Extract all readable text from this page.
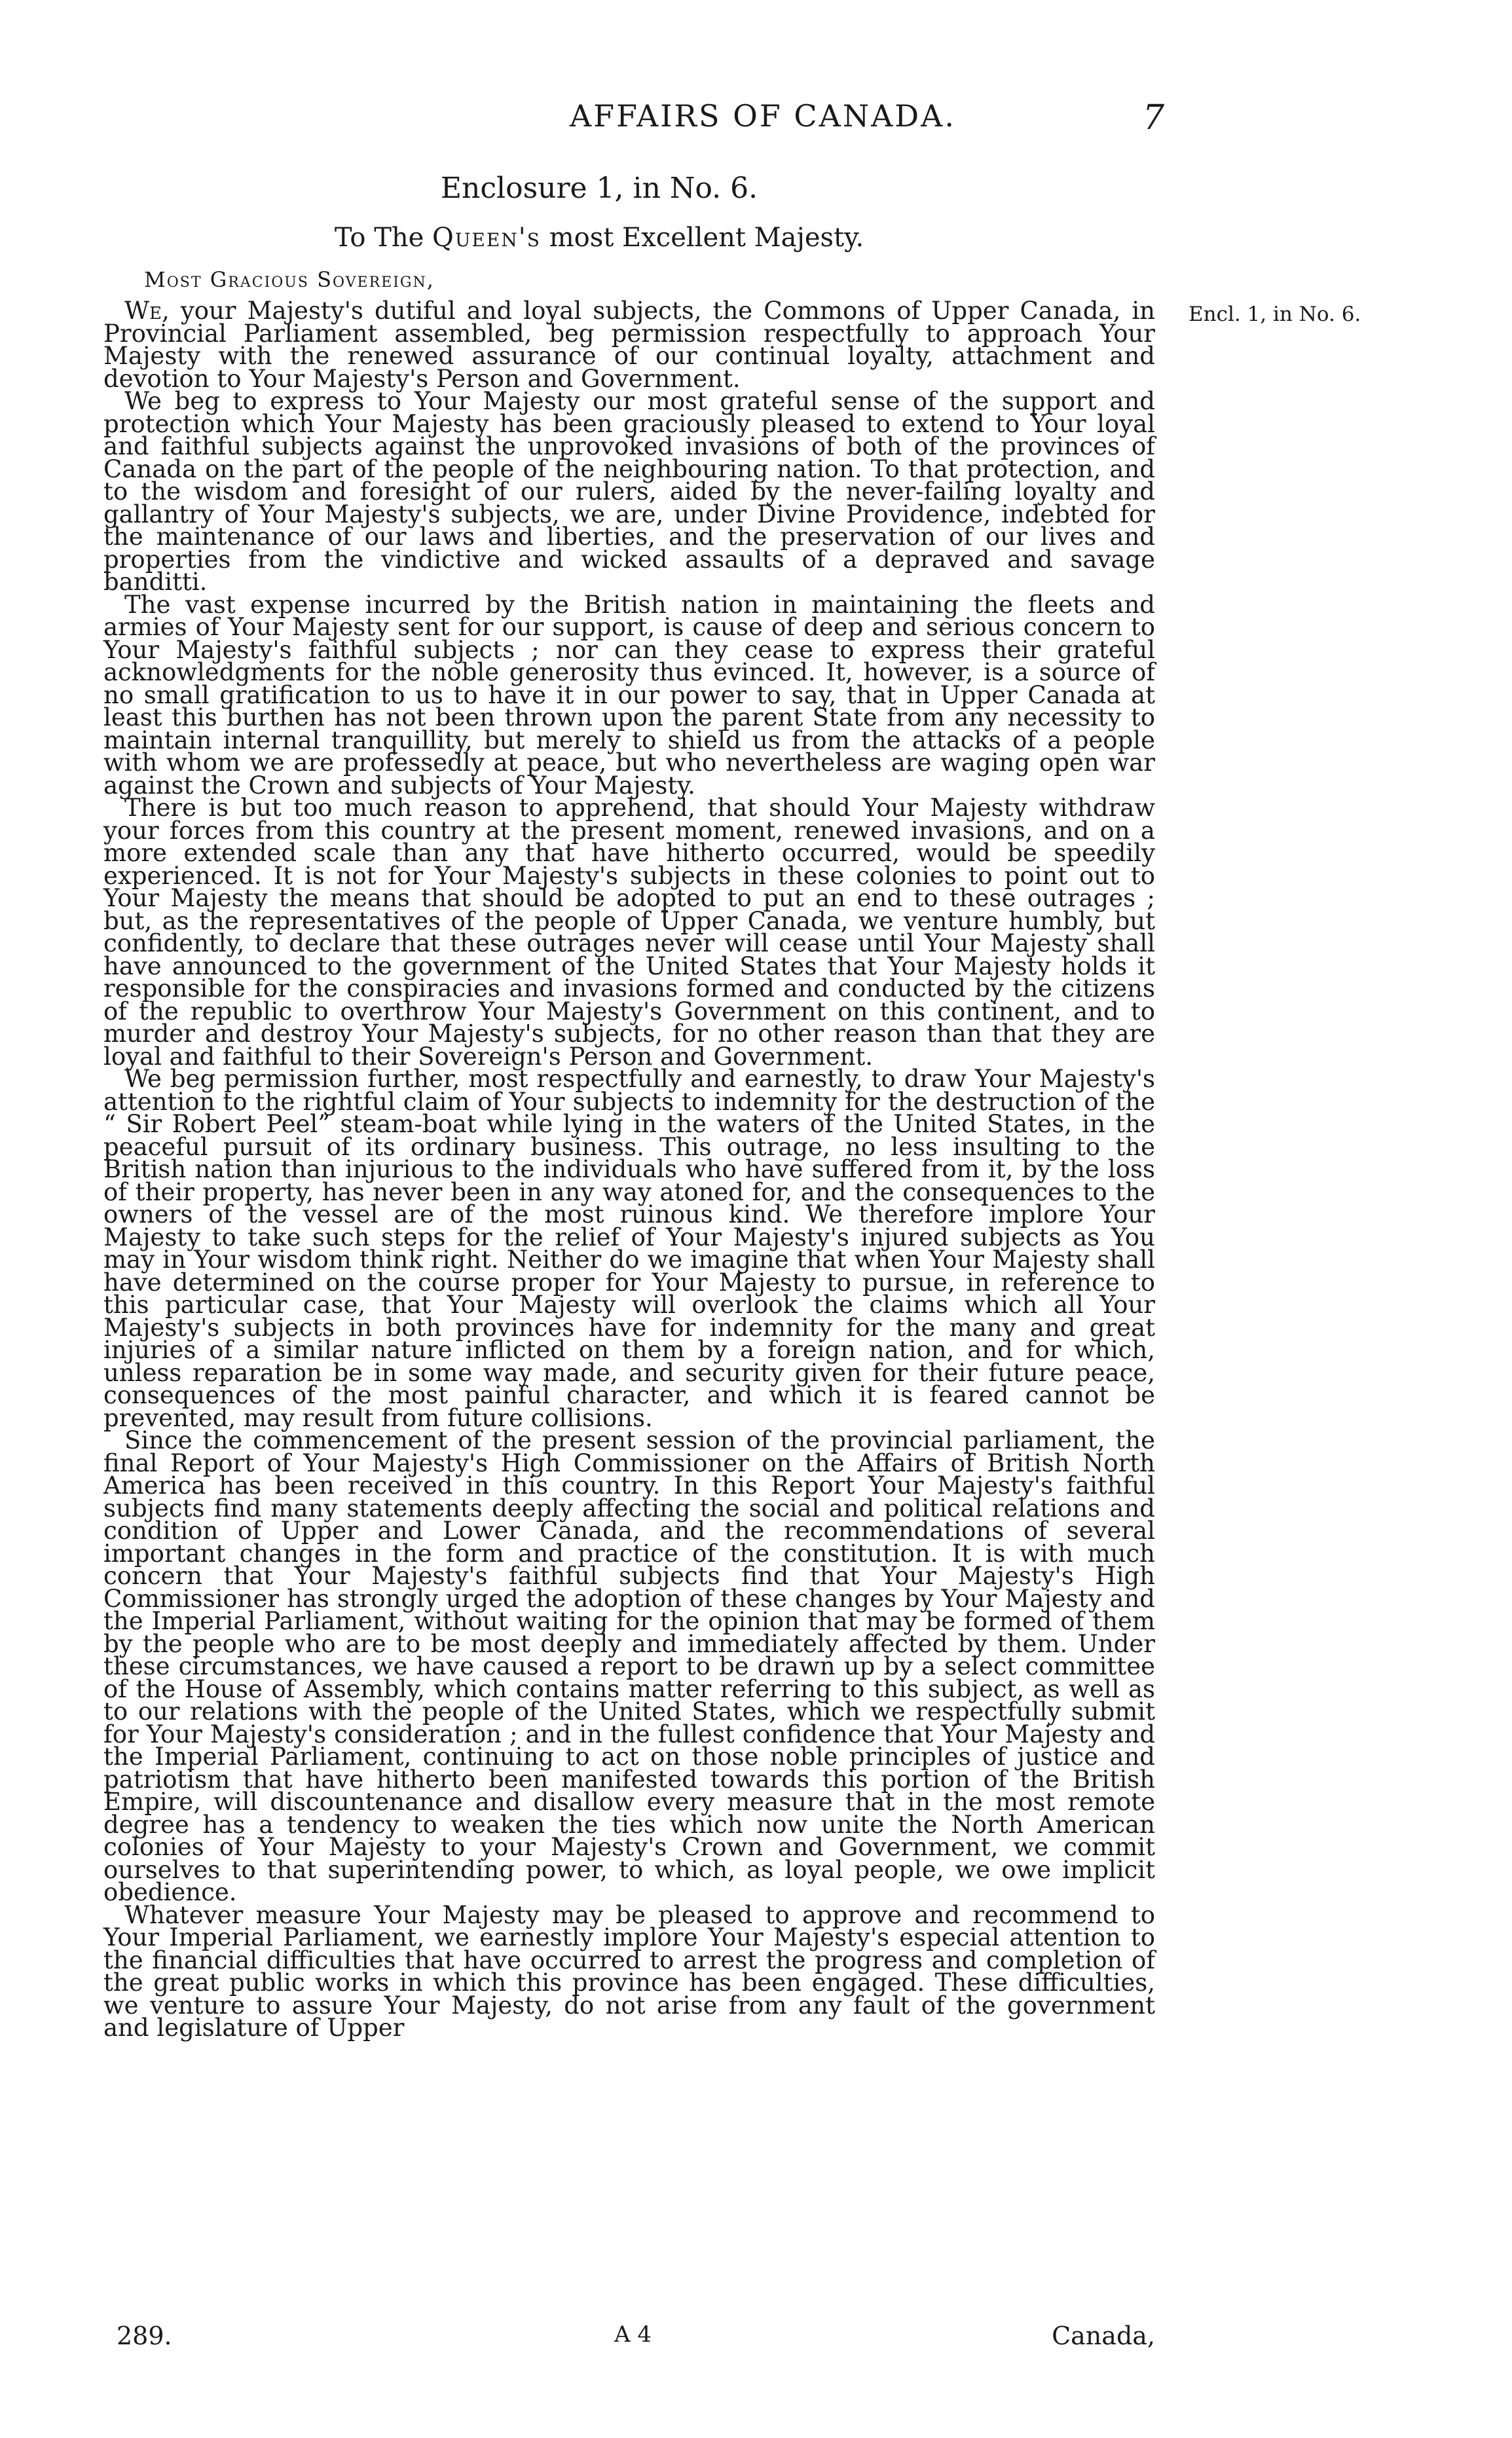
AFFAIRS OF CANADA.	7
Enclosure 1, in No. 6.
To The Queen's most Excellent Majesty.
Most Gracious Sovereign,
Encl. 1, in No. 6.

We, your Majesty's dutiful and loyal subjects, the Commons of Upper Canada, in Provincial Parliament assembled, beg permission respectfully to approach Your Majesty with the renewed assurance of our continual loyalty, attachment and devotion to Your Majesty's Person and Government.

We beg to express to Your Majesty our most grateful sense of the support and protection which Your Majesty has been graciously pleased to extend to Your loyal and faithful subjects against the unprovoked invasions of both of the provinces of Canada on the part of the people of the neighbouring nation. To that protection, and to the wisdom and foresight of our rulers, aided by the never-failing loyalty and gallantry of Your Majesty's subjects, we are, under Divine Providence, indebted for the maintenance of our laws and liberties, and the preservation of our lives and properties from the vindictive and wicked assaults of a depraved and savage banditti.

The vast expense incurred by the British nation in maintaining the fleets and armies of Your Majesty sent for our support, is cause of deep and serious concern to Your Majesty's faithful subjects ; nor can they cease to express their grateful acknowledgments for the noble generosity thus evinced. It, however, is a source of no small gratification to us to have it in our power to say, that in Upper Canada at least this burthen has not been thrown upon the parent State from any necessity to maintain internal tranquillity, but merely to shield us from the attacks of a people with whom we are professedly at peace, but who nevertheless are waging open war against the Crown and subjects of Your Majesty.

There is but too much reason to apprehend, that should Your Majesty withdraw your forces from this country at the present moment, renewed invasions, and on a more extended scale than any that have hitherto occurred, would be speedily experienced. It is not for Your Majesty's subjects in these colonies to point out to Your Majesty the means that should be adopted to put an end to these outrages ; but, as the representatives of the people of Upper Canada, we venture humbly, but confidently, to declare that these outrages never will cease until Your Majesty shall have announced to the government of the United States that Your Majesty holds it responsible for the conspiracies and invasions formed and conducted by the citizens of the republic to overthrow Your Majesty's Government on this continent, and to murder and destroy Your Majesty's subjects, for no other reason than that they are loyal and faithful to their Sovereign's Person and Government.

We beg permission further, most respectfully and earnestly, to draw Your Majesty's attention to the rightful claim of Your subjects to indemnity for the destruction of the “ Sir Robert Peel” steam-boat while lying in the waters of the United States, in the peaceful pursuit of its ordinary business. This outrage, no less insulting to the British nation than injurious to the individuals who have suffered from it, by the loss of their property, has never been in any way atoned for, and the consequences to the owners of the vessel are of the most ruinous kind. We therefore implore Your Majesty to take such steps for the relief of Your Majesty's injured subjects as You may in Your wisdom think right. Neither do we imagine that when Your Majesty shall have determined on the course proper for Your Majesty to pursue, in reference to this particular case, that Your Majesty will overlook the claims which all Your Majesty's subjects in both provinces have for indemnity for the many and great injuries of a similar nature inflicted on them by a foreign nation, and for which, unless reparation be in some way made, and security given for their future peace, consequences of the most painful character, and which it is feared cannot be prevented, may result from future collisions.

Since the commencement of the present session of the provincial parliament, the final Report of Your Majesty's High Commissioner on the Affairs of British North America has been received in this country. In this Report Your Majesty's faithful subjects find many statements deeply affecting the social and political relations and condition of Upper and Lower Canada, and the recommendations of several important changes in the form and practice of the constitution. It is with much concern that Your Majesty's faithful subjects find that Your Majesty's High Commissioner has strongly urged the adoption of these changes by Your Majesty and the Imperial Parliament, without waiting for the opinion that may be formed of them by the people who are to be most deeply and immediately affected by them. Under these circumstances, we have caused a report to be drawn up by a select committee of the House of Assembly, which contains matter referring to this subject, as well as to our relations with the people of the United States, which we respectfully submit for Your Majesty's consideration ; and in the fullest confidence that Your Majesty and the Imperial Parliament, continuing to act on those noble principles of justice and patriotism that have hitherto been manifested towards this portion of the British Empire, will discountenance and disallow every measure that in the most remote degree has a tendency to weaken the ties which now unite the North American colonies of Your Majesty to your Majesty's Crown and Government, we commit ourselves to that superintending power, to which, as loyal people, we owe implicit obedience.

Whatever measure Your Majesty may be pleased to approve and recommend to Your Imperial Parliament, we earnestly implore Your Majesty's especial attention to the financial difficulties that have occurred to arrest the progress and completion of the great public works in which this province has been engaged. These difficulties, we venture to assure Your Majesty, do not arise from any fault of the government and legislature of Upper

289.	A 4	Canada,
